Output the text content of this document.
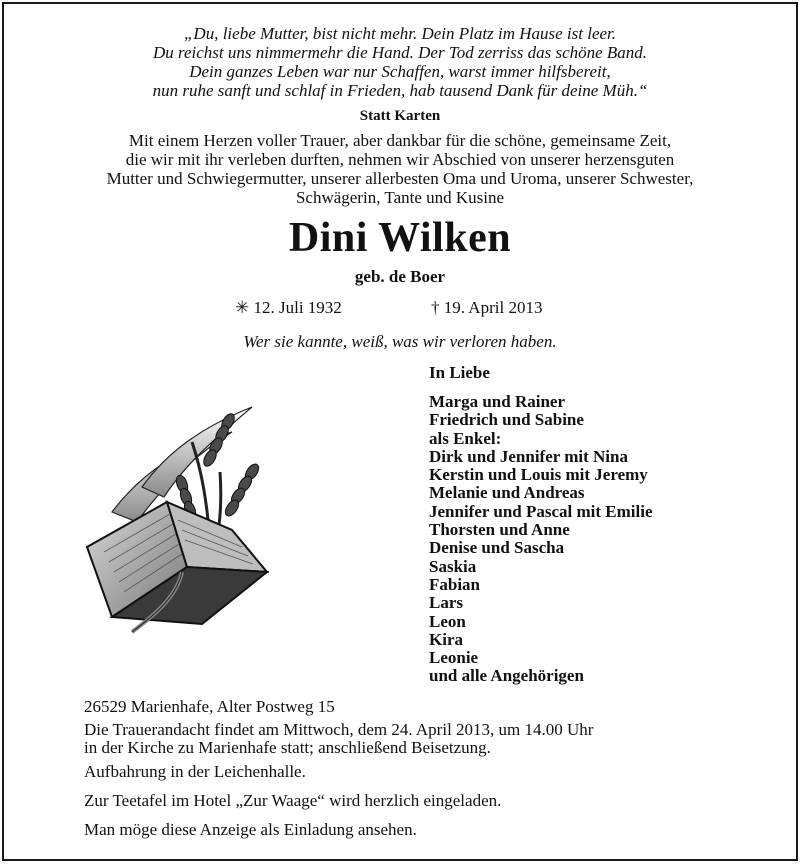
„Du, liebe Mutter, bist nicht mehr. Dein Platz im Hause ist leer.
Du reichst uns nimmermehr die Hand. Der Tod zerriss das schöne Band.
Dein ganzes Leben war nur Schaffen, warst immer hilfsbereit,
nun ruhe sanft und schlaf in Frieden, hab tausend Dank für deine Müh.“
Statt Karten
Mit einem Herzen voller Trauer, aber dankbar für die schöne, gemeinsame Zeit,
die wir mit ihr verleben durften, nehmen wir Abschied von unserer herzensguten
Mutter und Schwiegermutter, unserer allerbesten Oma und Uroma, unserer Schwester,
Schwägerin, Tante und Kusine
Dini Wilken
geb. de Boer
✳ 12. Juli 1932	† 19. April 2013
Wer sie kannte, weiß, was wir verloren haben.
In Liebe
Marga und Rainer
Friedrich und Sabine
als Enkel:
Dirk und Jennifer mit Nina
Kerstin und Louis mit Jeremy
Melanie und Andreas
Jennifer und Pascal mit Emilie
Thorsten und Anne
Denise und Sascha
Saskia
Fabian
Lars
Leon
Kira
Leonie
und alle Angehörigen

26529 Marienhafe, Alter Postweg 15

Die Trauerandacht findet am Mittwoch, dem 24. April 2013, um 14.00 Uhr
in der Kirche zu Marienhafe statt; anschließend Beisetzung.

Aufbahrung in der Leichenhalle.

Zur Teetafel im Hotel „Zur Waage“ wird herzlich eingeladen.

Man möge diese Anzeige als Einladung ansehen.
